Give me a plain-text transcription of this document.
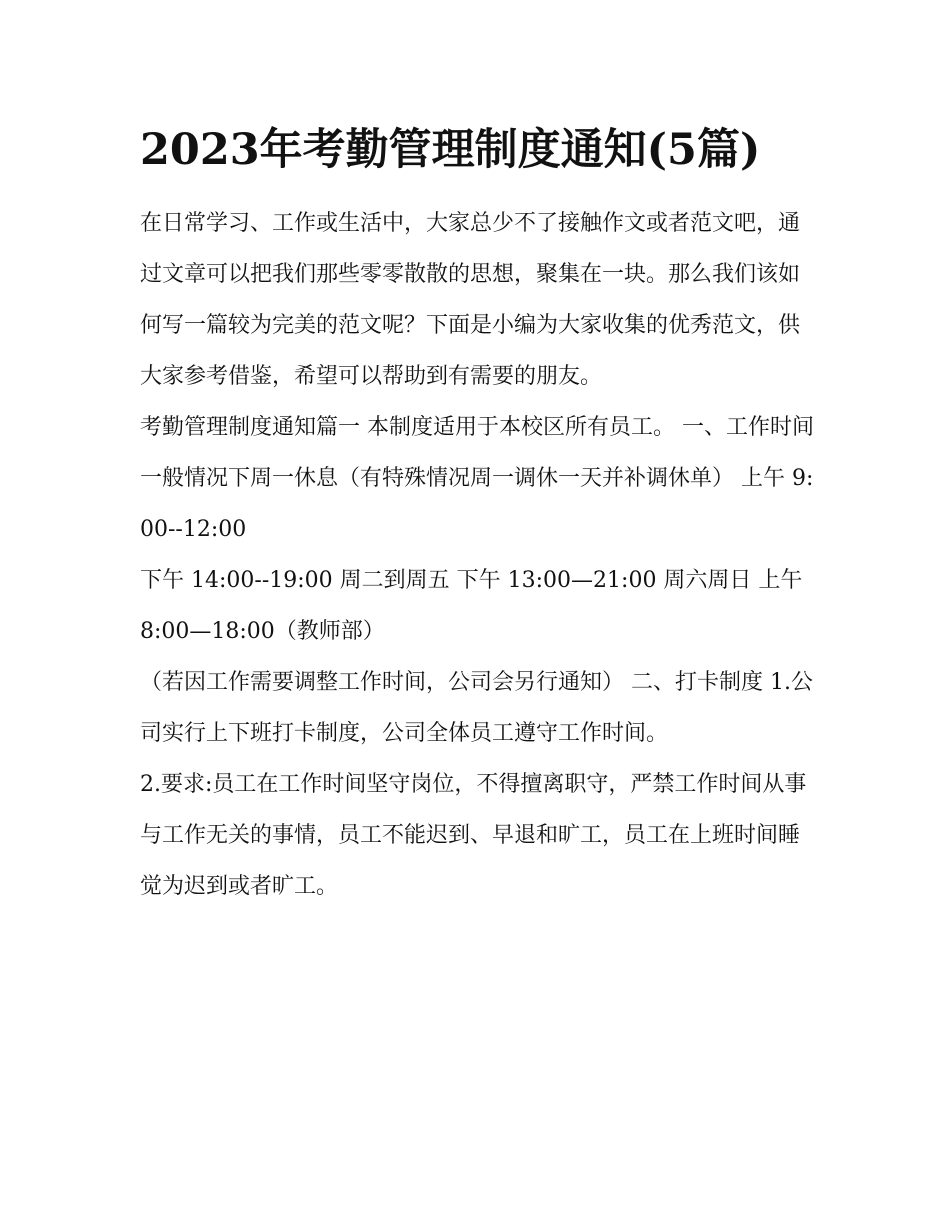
2023年考勤管理制度通知(5篇)

在日常学习、工作或生活中，大家总少不了接触作文或者范文吧，通过文章可以把我们那些零零散散的思想，聚集在一块。那么我们该如何写一篇较为完美的范文呢？下面是小编为大家收集的优秀范文，供大家参考借鉴，希望可以帮助到有需要的朋友。

考勤管理制度通知篇一 本制度适用于本校区所有员工。 一、工作时间 一般情况下周一休息（有特殊情况周一调休一天并补调休单） 上午 9:00--12:00

下午 14:00--19:00 周二到周五 下午 13:00—21:00 周六周日 上午 8:00—18:00（教师部）

（若因工作需要调整工作时间，公司会另行通知） 二、打卡制度 1.公司实行上下班打卡制度，公司全体员工遵守工作时间。

2.要求:员工在工作时间坚守岗位，不得擅离职守，严禁工作时间从事与工作无关的事情，员工不能迟到、早退和旷工，员工在上班时间睡觉为迟到或者旷工。
